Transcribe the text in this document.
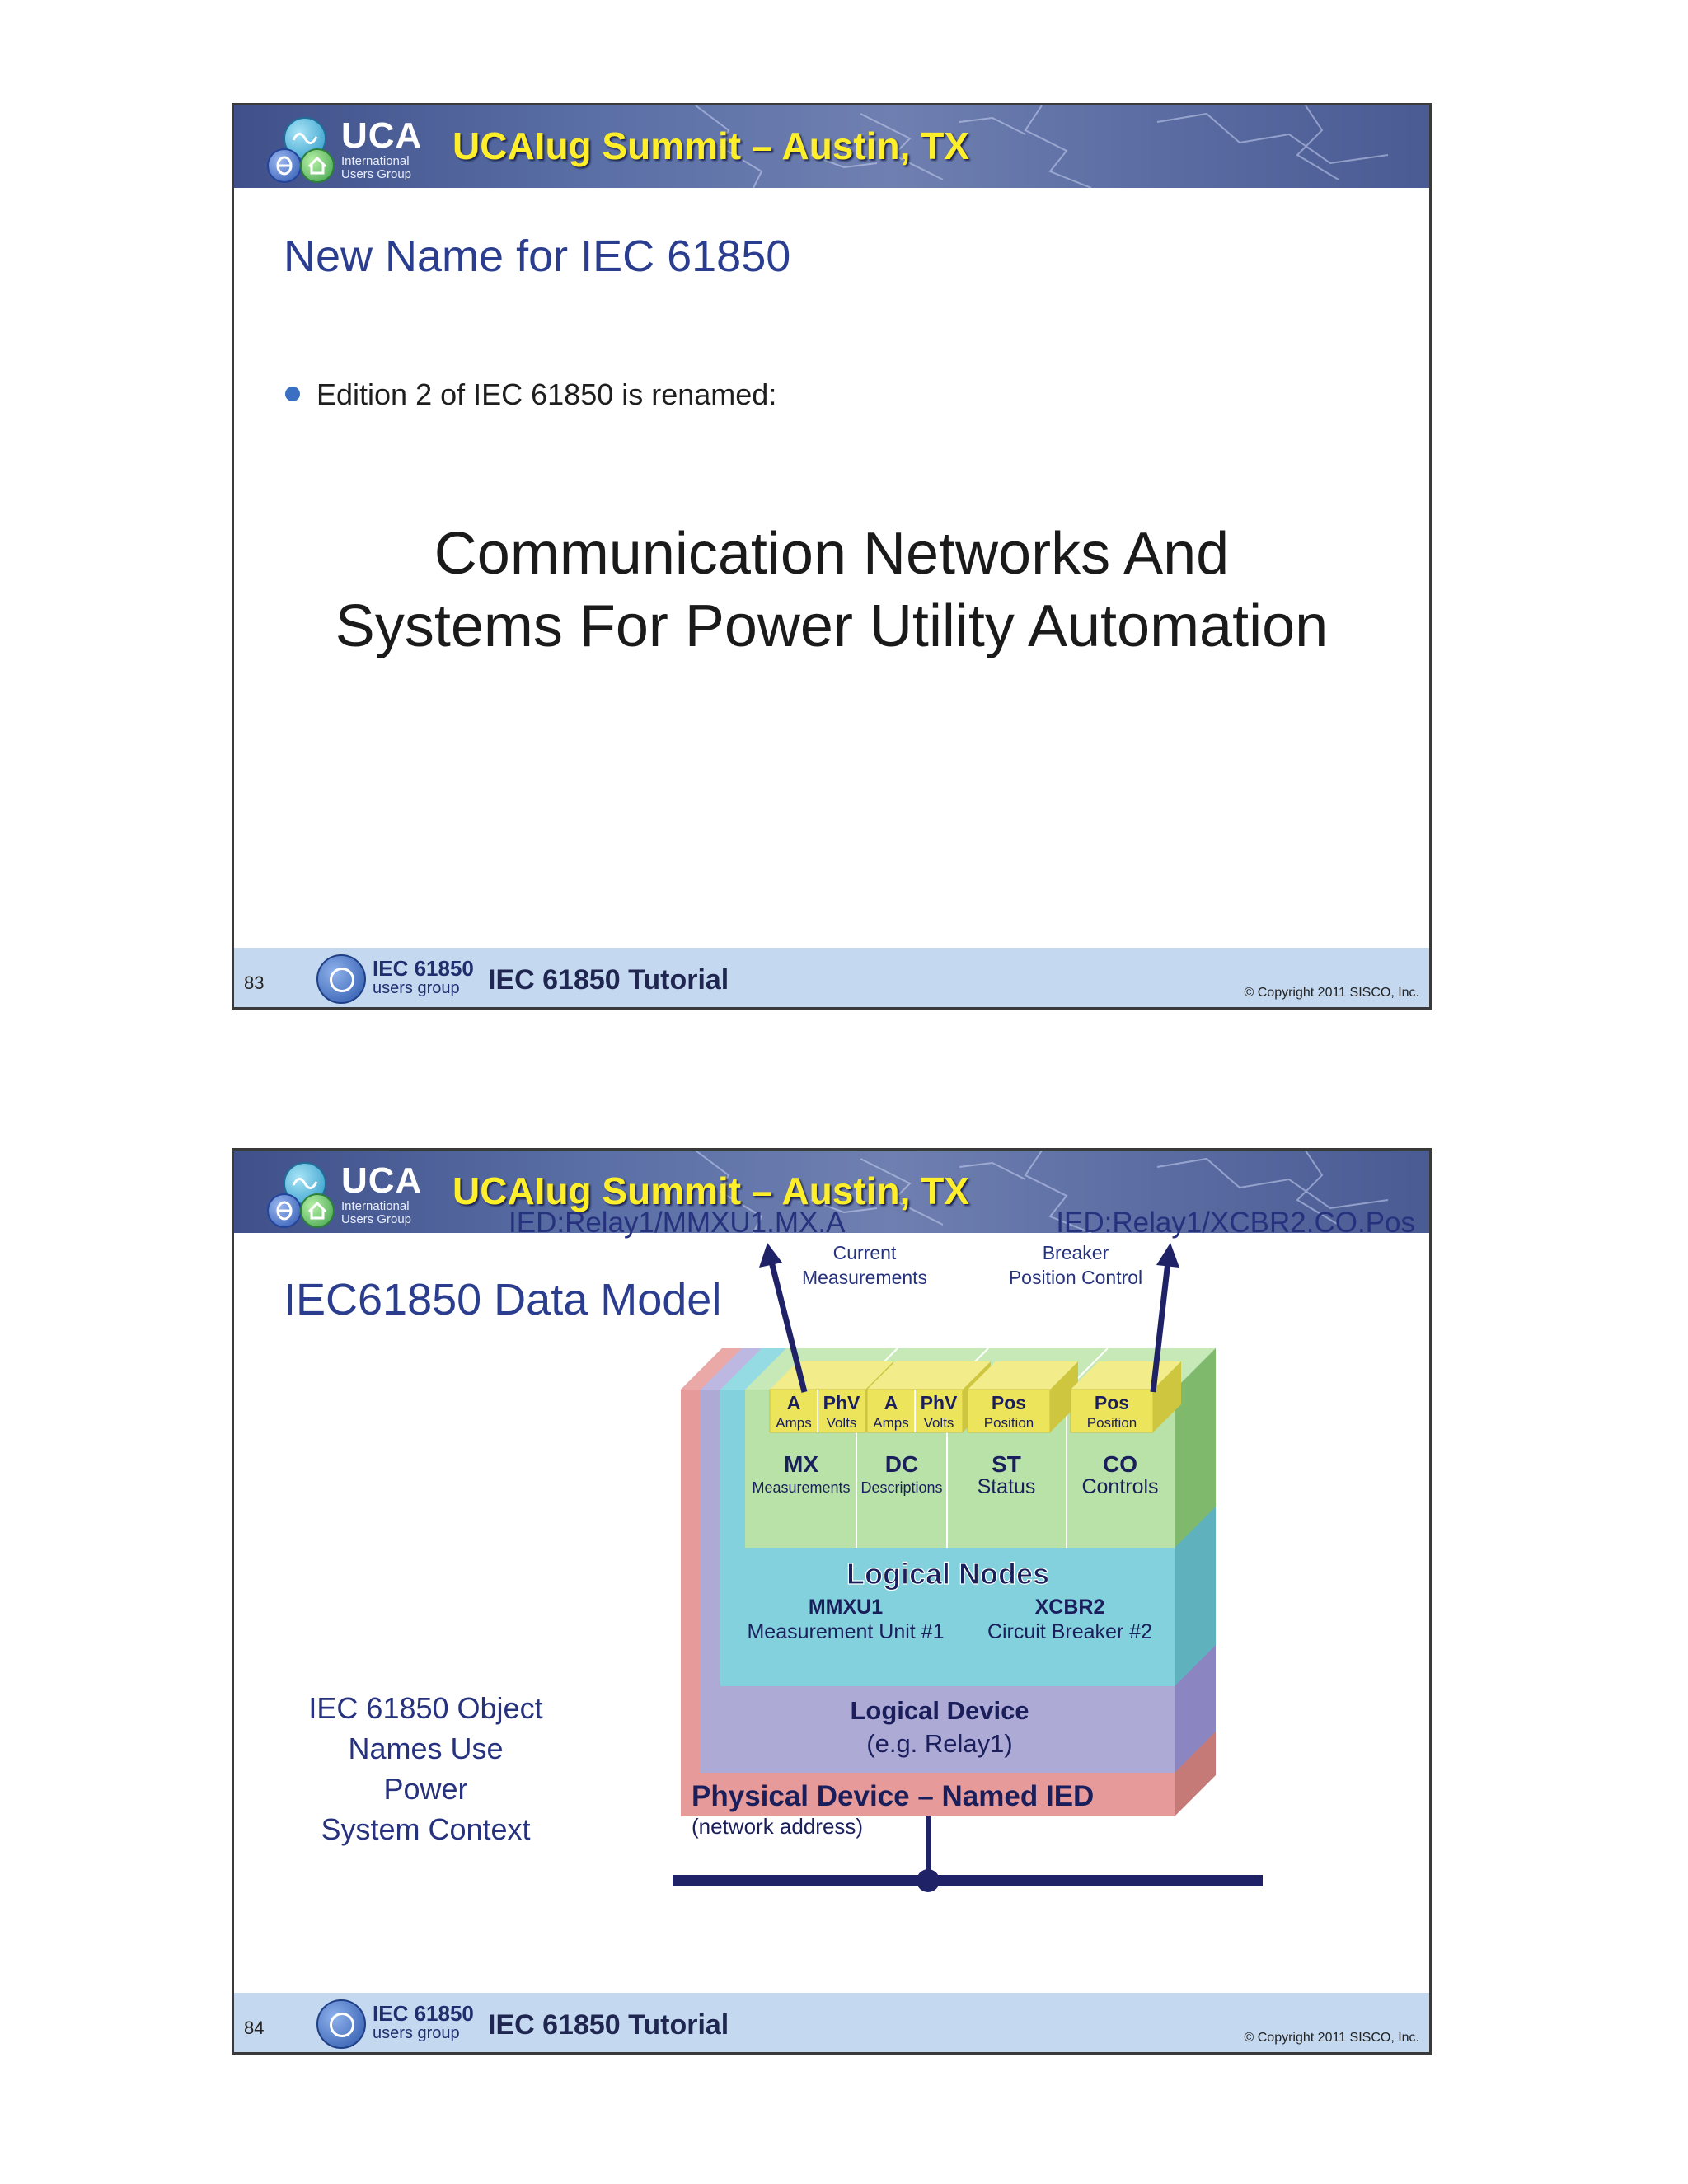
UCA
International
Users Group
UCAIug Summit – Austin, TX
New Name for IEC 61850
Edition 2 of IEC 61850 is renamed:
Communication Networks And
Systems For Power Utility Automation
83
IEC 61850
users group IEC 61850 Tutorial	© Copyright 2011 SISCO, Inc.
UCA
International
Users Group
UCAIug Summit – Austin, TX
IEC61850 Data Model
IEC 61850 Object
Names Use Power
System Context
A PhV A PhV Pos	Pos
Amps Volts Amps Volts Position	Position
MX	DC	ST	CO
Measurements Descriptions Status Controls
Logical Nodes
MMXU1	XCBR2
Measurement Unit #1 Circuit Breaker #2
Logical Device
(e.g. Relay1)
Physical Device – Named IED
(network address)
IED:Relay1/MMXU1.MX.A	IED:Relay1/XCBR2.CO.Pos
Current
Measurements
Breaker
Position Control
84
IEC 61850
users group IEC 61850 Tutorial	© Copyright 2011 SISCO, Inc.
